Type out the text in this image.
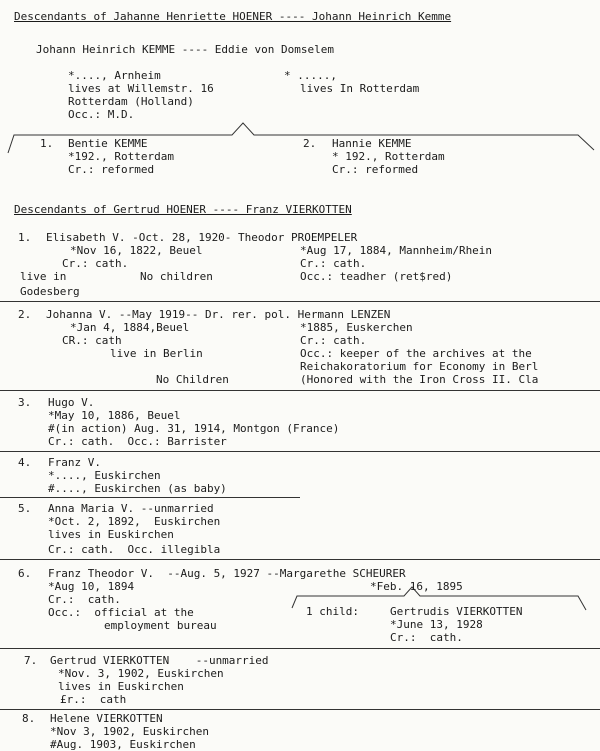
Descendants of Jahanne Henriette HOENER ---- Johann Heinrich Kemme
Johann Heinrich KEMME ---- Eddie von Domselem
*...., Arnheim
lives at Willemstr. 16
Rotterdam (Holland)
Occ.: M.D.
* .....,
lives In Rotterdam
1. Bentie KEMME
*192., Rotterdam
Cr.: reformed
2. Hannie KEMME
* 192., Rotterdam
Cr.: reformed
Descendants of Gertrud HOENER ---- Franz VIERKOTTEN
1. Elisabeth V. -Oct. 28, 1920- Theodor PROEMPELER
*Nov 16, 1822, Beuel
Cr.: cath.
live in
Godesberg
No children
*Aug 17, 1884, Mannheim/Rhein
Cr.: cath.
Occ.: teadher (ret$red)
2. Johanna V. --May 1919-- Dr. rer. pol. Hermann LENZEN
*Jan 4, 1884,Beuel
CR.: cath
live in Berlin
No Children
*1885, Euskerchen
Cr.: cath.
Occ.: keeper of the archives at the
Reichakoratorium for Economy in Berl
(Honored with the Iron Cross II. Cla
3. Hugo V.
*May 10, 1886, Beuel
#(in action) Aug. 31, 1914, Montgon (France)
Cr.: cath.  Occ.: Barrister
4. Franz V.
*...., Euskirchen
#...., Euskirchen (as baby)
5. Anna Maria V. --unmarried
*Oct. 2, 1892,  Euskirchen
lives in Euskirchen
Cr.: cath.  Occ. illegibla
6. Franz Theodor V.  --Aug. 5, 1927 --Margarethe SCHEURER
*Aug 10, 1894
Cr.:  cath.
Occ.:  official at the
employment bureau
*Feb. 16, 1895
1 child:	Gertrudis VIERKOTTEN
*June 13, 1928
Cr.:  cath.
7. Gertrud VIERKOTTEN    --unmarried
*Nov. 3, 1902, Euskirchen
lives in Euskirchen
£r.:  cath
8. Helene VIERKOTTEN
*Nov 3, 1902, Euskirchen
#Aug. 1903, Euskirchen
